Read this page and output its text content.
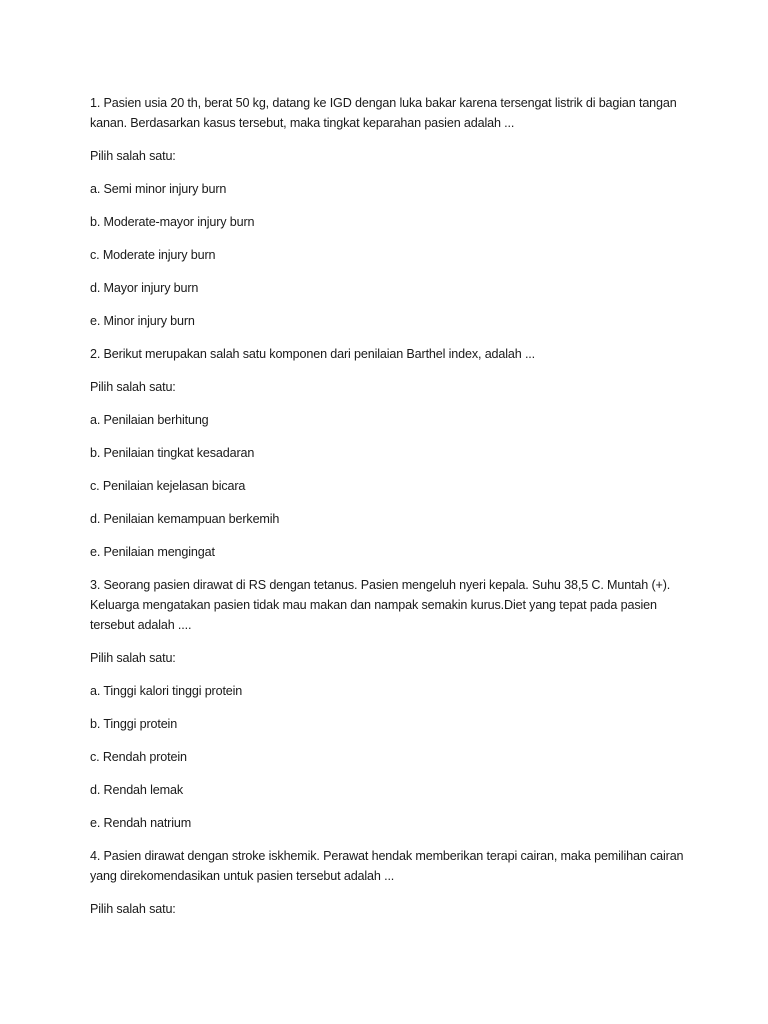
1. Pasien usia 20 th, berat 50 kg, datang ke IGD dengan luka bakar karena tersengat listrik di bagian tangan kanan. Berdasarkan kasus tersebut, maka tingkat keparahan pasien adalah ...

Pilih salah satu:

a. Semi minor injury burn

b. Moderate-mayor injury burn

c. Moderate injury burn

d. Mayor injury burn

e. Minor injury burn

2. Berikut merupakan salah satu komponen dari penilaian Barthel index, adalah ...

Pilih salah satu:

a. Penilaian berhitung

b. Penilaian tingkat kesadaran

c. Penilaian kejelasan bicara

d. Penilaian kemampuan berkemih

e. Penilaian mengingat

3. Seorang pasien dirawat di RS dengan tetanus. Pasien mengeluh nyeri kepala. Suhu 38,5 C. Muntah (+). Keluarga mengatakan pasien tidak mau makan dan nampak semakin kurus.Diet yang tepat pada pasien tersebut adalah ....

Pilih salah satu:

a. Tinggi kalori tinggi protein

b. Tinggi protein

c. Rendah protein

d. Rendah lemak

e. Rendah natrium

4. Pasien dirawat dengan stroke iskhemik. Perawat hendak memberikan terapi cairan, maka pemilihan cairan yang direkomendasikan untuk pasien tersebut adalah ...

Pilih salah satu:
